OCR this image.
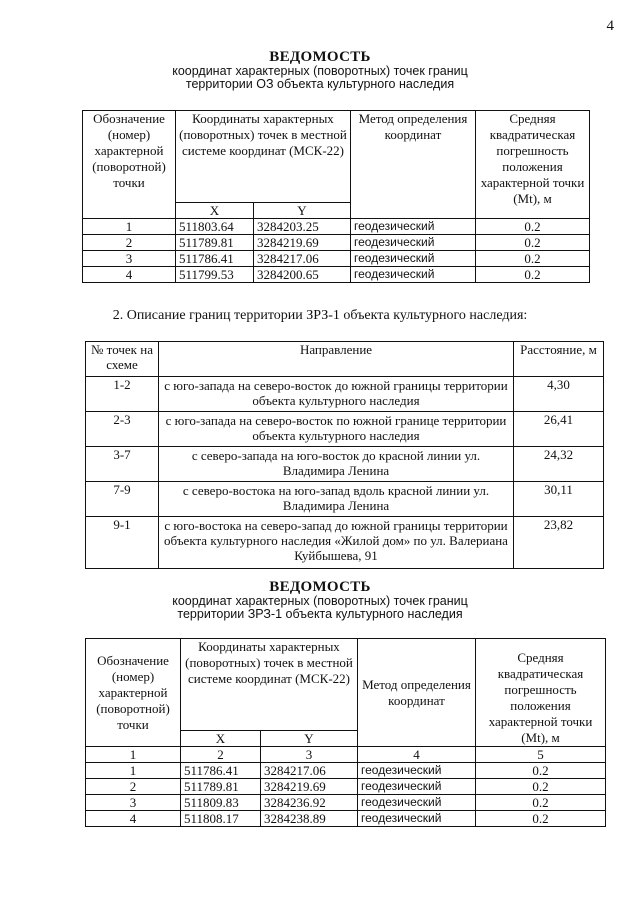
4
ВЕДОМОСТЬ
координат характерных (поворотных) точек границ
территории ОЗ объекта культурного наследия
Обозначение (номер) характерной (поворотной) точки	Координаты характерных (поворотных) точек в местной системе координат (МСК-22)		Метод определения координат	Средняя квадратическая погрешность положения характерной точки (Mt), м
	X	Y		
1	511803.64	3284203.25	геодезический	0.2
2	511789.81	3284219.69	геодезический	0.2
3	511786.41	3284217.06	геодезический	0.2
4	511799.53	3284200.65	геодезический	0.2
2. Описание границ территории ЗРЗ-1 объекта культурного наследия:
№ точек на схеме	Направление	Расстояние, м
1-2	с юго-запада на северо-восток до южной границы территории объекта культурного наследия	4,30
2-3	с юго-запада на северо-восток по южной границе территории объекта культурного наследия	26,41
3-7	с северо-запада на юго-восток до красной линии ул. Владимира Ленина	24,32
7-9	с северо-востока на юго-запад вдоль красной линии ул. Владимира Ленина	30,11
9-1	с юго-востока на северо-запад до южной границы территории объекта культурного наследия «Жилой дом» по ул. Валериана Куйбышева, 91	23,82
ВЕДОМОСТЬ
координат характерных (поворотных) точек границ
территории ЗРЗ-1 объекта культурного наследия
Обозначение (номер) характерной (поворотной) точки	Координаты характерных (поворотных) точек в местной системе координат (МСК-22)		Метод определения координат	Средняя квадратическая погрешность положения характерной точки (Mt), м
	X	Y		
1	2	3	4	5
1	511786.41	3284217.06	геодезический	0.2
2	511789.81	3284219.69	геодезический	0.2
3	511809.83	3284236.92	геодезический	0.2
4	511808.17	3284238.89	геодезический	0.2
